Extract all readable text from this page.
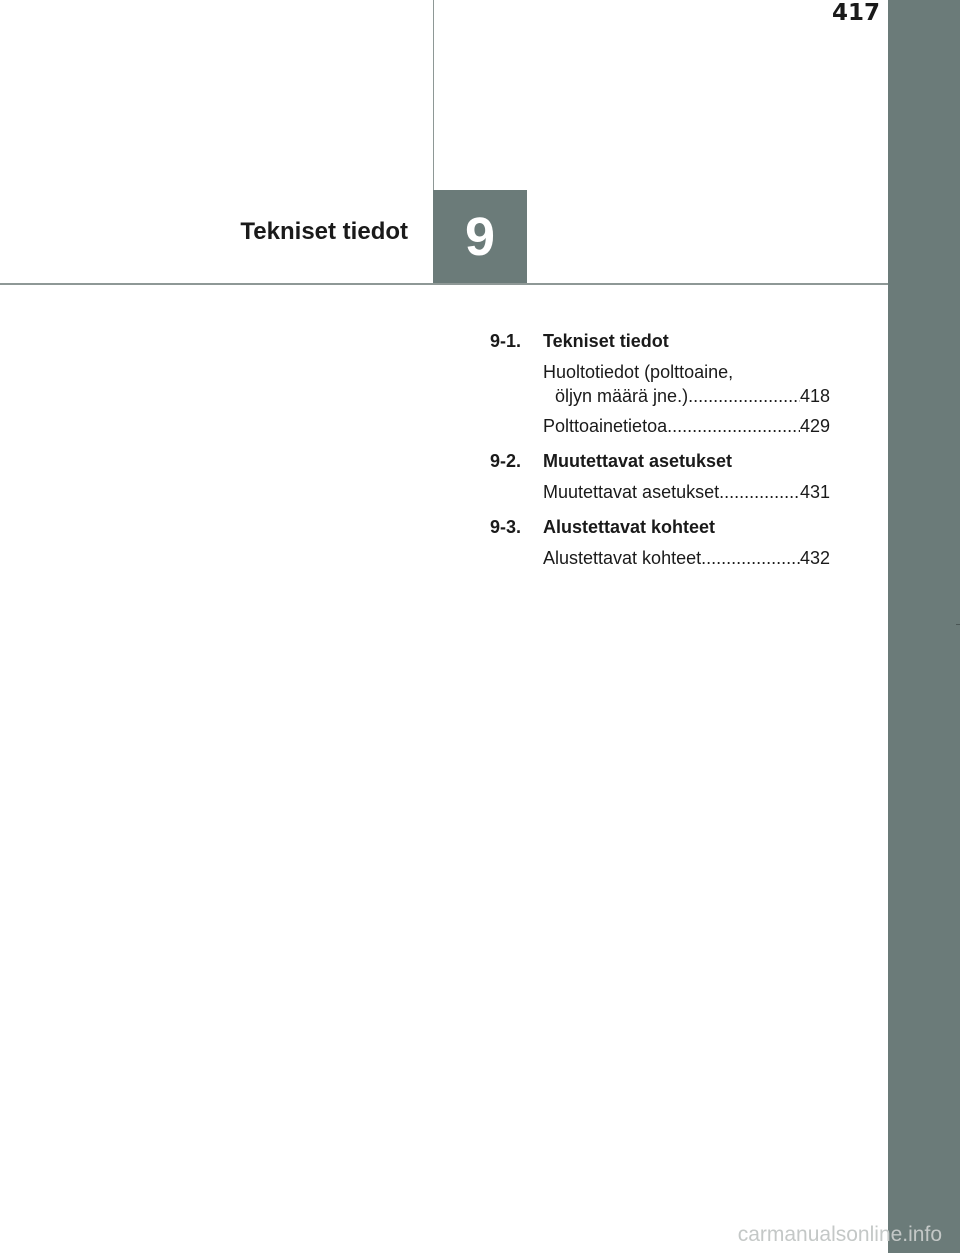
417
Tekniset tiedot 9
9-1.	Tekniset tiedot
Huoltotiedot (polttoaine,
öljyn määrä jne.) .....	418
Polttoainetietoa .....	429
9-2.	Muutettavat asetukset
Muutettavat asetukset .....	431
9-3.	Alustettavat kohteet
Alustettavat kohteet .....	432
carmanualsonline.info
